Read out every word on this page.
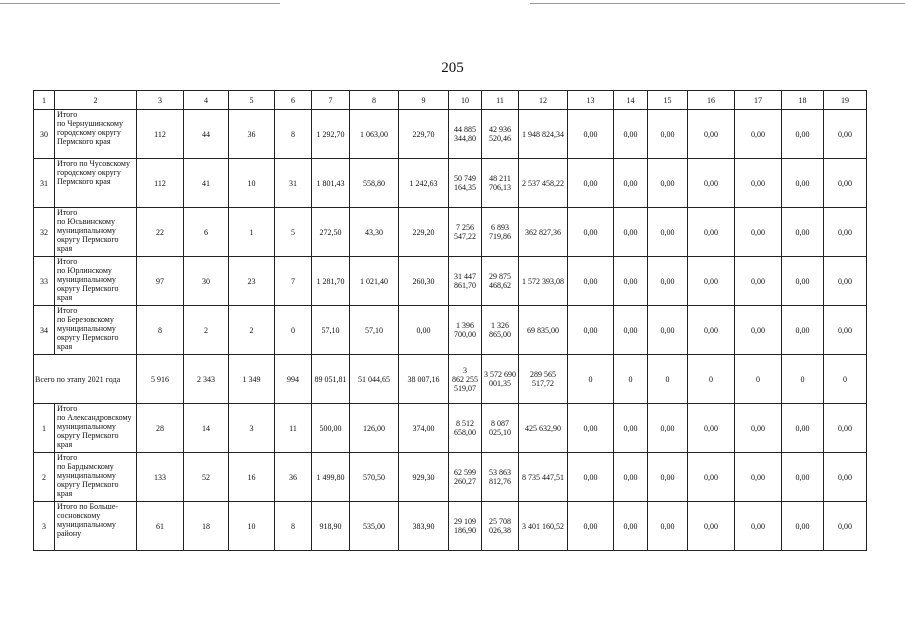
205
1	2	3	4	5	6	7	8	9	10	11	12	13	14	15	16	17	18	19
30	Итого
по Чернушинскому
городскому округу
Пермского края	112	44	36	8	1 292,70	1 063,00	229,70	44 885
344,80	42 936
520,46	1 948 824,34	0,00	0,00	0,00	0,00	0,00	0,00	0,00
31	Итого по Чусовскому
городскому округу
Пермского края	112	41	10	31	1 801,43	558,80	1 242,63	50 749
164,35	48 211
706,13	2 537 458,22	0,00	0,00	0,00	0,00	0,00	0,00	0,00
32	Итого
по Юсьвинскому
муниципальному
округу Пермского
края	22	6	1	5	272,50	43,30	229,20	7 256
547,22	6 893
719,86	362 827,36	0,00	0,00	0,00	0,00	0,00	0,00	0,00
33	Итого
по Юрлинскому
муниципальному
округу Пермского
края	97	30	23	7	1 281,70	1 021,40	260,30	31 447
861,70	29 875
468,62	1 572 393,08	0,00	0,00	0,00	0,00	0,00	0,00	0,00
34	Итого
по Березовскому
муниципальному
округу Пермского
края	8	2	2	0	57,10	57,10	0,00	1 396
700,00	1 326
865,00	69 835,00	0,00	0,00	0,00	0,00	0,00	0,00	0,00
Всего по этапу 2021 года		5 916	2 343	1 349	994	89 051,81	51 044,65	38 007,16	3
862 255
519,07	3 572 690
001,35	289 565
517,72	0	0	0	0	0	0	0
1	Итого
по Александровскому
муниципальному
округу Пермского
края	28	14	3	11	500,00	126,00	374,00	8 512
658,00	8 087
025,10	425 632,90	0,00	0,00	0,00	0,00	0,00	0,00	0,00
2	Итого
по Бардымскому
муниципальному
округу Пермского
края	133	52	16	36	1 499,80	570,50	929,30	62 599
260,27	53 863
812,76	8 735 447,51	0,00	0,00	0,00	0,00	0,00	0,00	0,00
3	Итого по Больше-
сосновскому
муниципальному
району	61	18	10	8	918,90	535,00	383,90	29 109
186,90	25 708
026,38	3 401 160,52	0,00	0,00	0,00	0,00	0,00	0,00	0,00
